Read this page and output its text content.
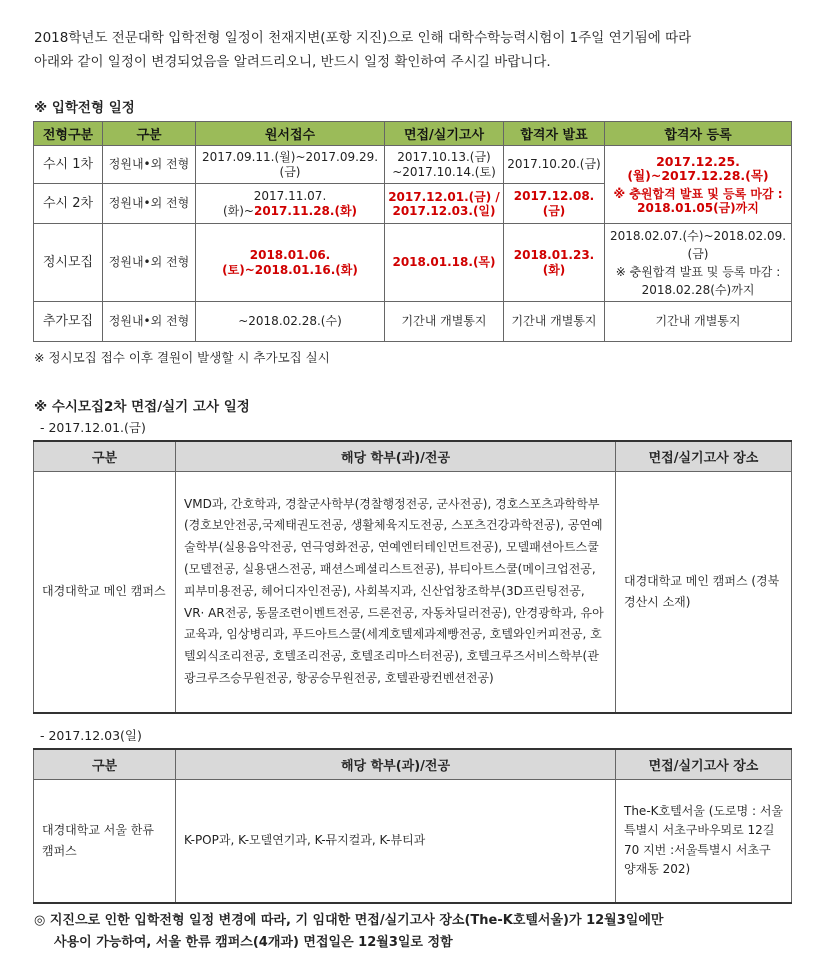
2018학년도 전문대학 입학전형 일정이 천재지변(포항 지진)으로 인해 대학수학능력시험이 1주일 연기됨에 따라
아래와 같이 일정이 변경되었음을 알려드리오니, 반드시 일정 확인하여 주시길 바랍니다.
※ 입학전형 일정
전형구분	구분	원서접수	면접/실기고사	합격자 발표	합격자 등록
수시 1차	정원내•외 전형	2017.09.11.(월)~2017.09.29.(금)	2017.10.13.(금) ~2017.10.14.(토)	2017.10.20.(금)	2017.12.25.(월)~2017.12.28.(목)
※ 충원합격 발표 및 등록 마감 : 2018.01.05(금)까지

수시 2차	정원내•외 전형	2017.11.07.(화)~2017.11.28.(화)	2017.12.01.(금) / 2017.12.03.(일)	2017.12.08.(금)	
정시모집	정원내•외 전형	2018.01.06.(토)~2018.01.16.(화)	2018.01.18.(목)	2018.01.23.(화)	2018.02.07.(수)~2018.02.09.(금)
※ 충원합격 발표 및 등록 마감 : 2018.02.28(수)까지

추가모집	정원내•외 전형	~2018.02.28.(수)	기간내 개별통지	기간내 개별통지	기간내 개별통지
※ 정시모집 접수 이후 결원이 발생할 시 추가모집 실시
※ 수시모집2차 면접/실기 고사 일정
- 2017.12.01.(금)
구분	해당 학부(과)/전공	면접/실기고사 장소
대경대학교 메인 캠퍼스	VMD과, 간호학과, 경찰군사학부(경찰행정전공, 군사전공), 경호스포츠과학학부(경호보안전공,국제태권도전공, 생활체육지도전공, 스포츠건강과학전공), 공연예술학부(실용음악전공, 연극영화전공, 연예엔터테인먼트전공), 모델패션아트스쿨(모델전공, 실용댄스전공, 패션스페셜리스트전공), 뷰티아트스쿨(메이크업전공, 피부미용전공, 헤어디자인전공), 사회복지과, 신산업창조학부(3D프린팅전공, VR· AR전공, 동물조련이벤트전공, 드론전공, 자동차딜러전공), 안경광학과, 유아교육과, 임상병리과, 푸드아트스쿨(세계호텔제과제빵전공, 호텔와인커피전공, 호텔외식조리전공, 호텔조리전공, 호텔조리마스터전공), 호텔크루즈서비스학부(관광크루즈승무원전공, 항공승무원전공, 호텔관광컨벤션전공)	대경대학교 메인 캠퍼스 (경북 경산시 소재)
- 2017.12.03(일)
구분	해당 학부(과)/전공	면접/실기고사 장소
대경대학교 서울 한류 캠퍼스	K-POP과, K-모델연기과, K-뮤지컬과, K-뷰티과	The-K호텔서울 (도로명 : 서울특별시 서초구바우뫼로 12길 70 지번 :서울특별시 서초구 양재동 202)
◎ 지진으로 인한 입학전형 일정 변경에 따라, 기 임대한 면접/실기고사 장소(The-K호텔서울)가 12월3일에만
사용이 가능하여, 서울 한류 캠퍼스(4개과) 면접일은 12월3일로 정함
